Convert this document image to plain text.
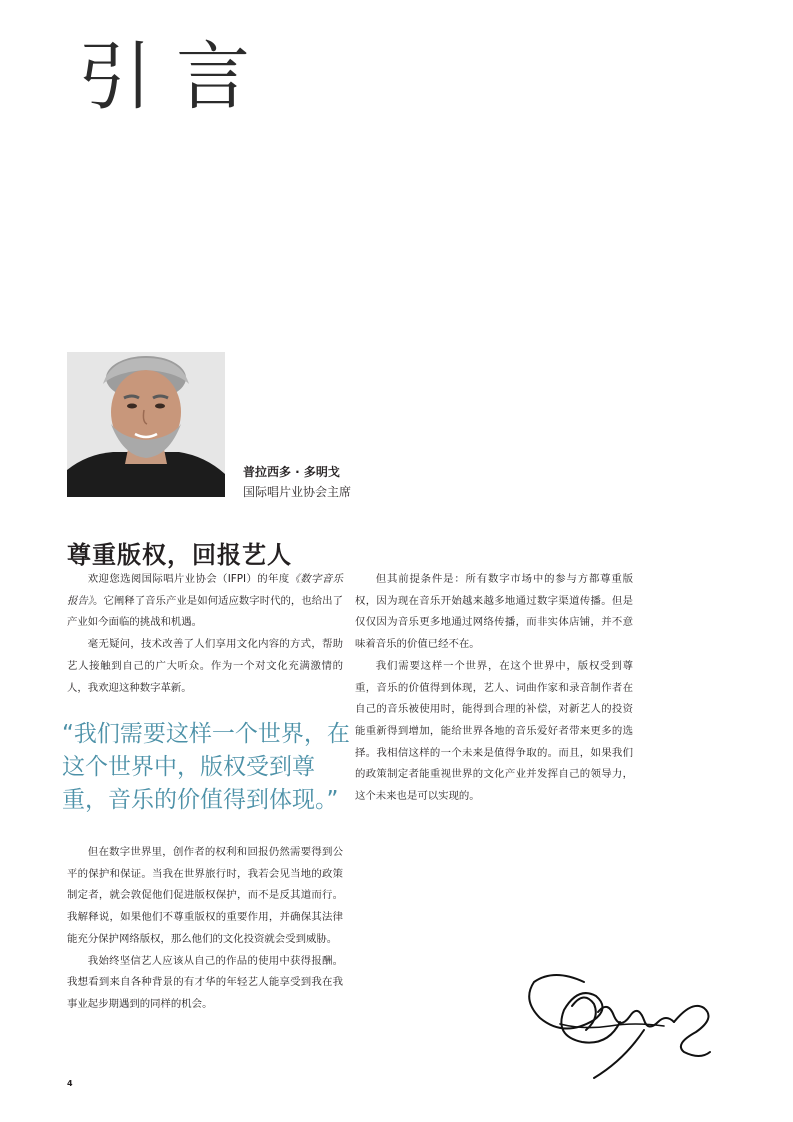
引言
普拉西多 · 多明戈
国际唱片业协会主席
尊重版权，回报艺人

欢迎您选阅国际唱片业协会（IFPI）的年度《数字音乐报告》。它阐释了音乐产业是如何适应数字时代的，也给出了产业如今面临的挑战和机遇。

毫无疑问，技术改善了人们享用文化内容的方式，帮助艺人接触到自己的广大听众。作为一个对文化充满激情的人，我欢迎这种数字革新。

“我们需要这样一个世界，在这个世界中，版权受到尊重，音乐的价值得到体现。”

但在数字世界里，创作者的权利和回报仍然需要得到公平的保护和保证。当我在世界旅行时，我若会见当地的政策制定者，就会敦促他们促进版权保护，而不是反其道而行。我解释说，如果他们不尊重版权的重要作用，并确保其法律能充分保护网络版权，那么他们的文化投资就会受到威胁。

我始终坚信艺人应该从自己的作品的使用中获得报酬。我想看到来自各种背景的有才华的年轻艺人能享受到我在我事业起步期遇到的同样的机会。

但其前提条件是：所有数字市场中的参与方都尊重版权，因为现在音乐开始越来越多地通过数字渠道传播。但是仅仅因为音乐更多地通过网络传播，而非实体店铺，并不意味着音乐的价值已经不在。

我们需要这样一个世界，在这个世界中，版权受到尊重，音乐的价值得到体现，艺人、词曲作家和录音制作者在自己的音乐被使用时，能得到合理的补偿，对新艺人的投资能重新得到增加，能给世界各地的音乐爱好者带来更多的选择。我相信这样的一个未来是值得争取的。而且，如果我们的政策制定者能重视世界的文化产业并发挥自己的领导力，这个未来也是可以实现的。

4
